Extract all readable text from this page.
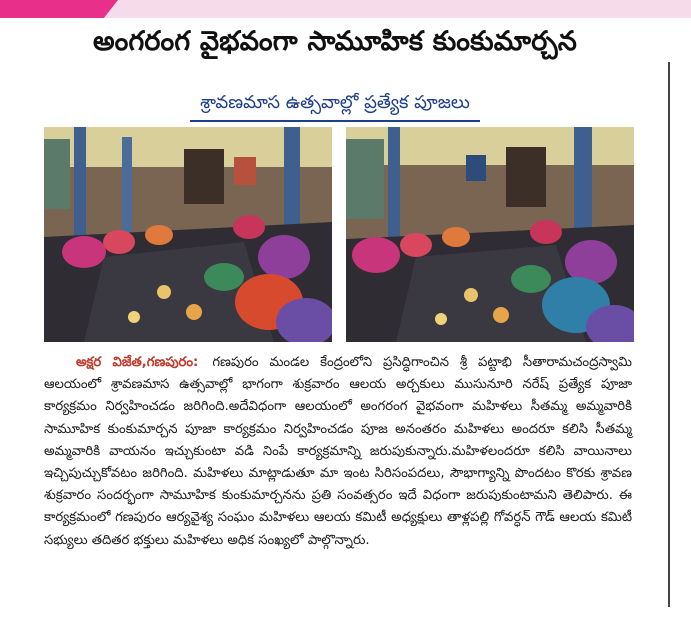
అంగరంగ వైభవంగా సామూహిక కుంకుమార్చన
శ్రావణమాస ఉత్సవాల్లో ప్రత్యేక పూజలు
అక్షర విజేత,గణపురం: గణపురం మండల కేంద్రంలోని ప్రసిద్ధిగాంచిన శ్రీ పట్టాభి సీతారామచంద్రస్వామి ఆలయంలో శ్రావణమాస ఉత్సవాల్లో భాగంగా శుక్రవారం ఆలయ అర్చకులు ముసునూరి నరేష్ ప్రత్యేక పూజా కార్యక్రమం నిర్వహించడం జరిగింది.అదేవిధంగా ఆలయంలో అంగరంగ వైభవంగా మహిళలు సీతమ్మ అమ్మవారికి సామూహిక కుంకుమార్చన పూజా కార్యక్రమం నిర్వహించడం పూజ అనంతరం మహిళలు అందరూ కలిసి సీతమ్మ అమ్మవారికి వాయనం ఇచ్చుకుంటా వడి నింపే కార్యక్రమాన్ని జరుపుకున్నారు.మహిళలందరూ కలిసి వాయినాలు ఇచ్చిపుచ్చుకోవటం జరిగింది. మహిళలు మాట్లాడుతూ మా ఇంట సిరిసంపదలు, సౌభాగ్యాన్ని పొందటం కొరకు శ్రావణ శుక్రవారం సందర్భంగా సామూహిక కుంకుమార్చనను ప్రతి సంవత్సరం ఇదే విధంగా జరుపుకుంటామని తెలిపారు. ఈ కార్యక్రమంలో గణపురం ఆర్యవైశ్య సంఘం మహిళలు ఆలయ కమిటీ అధ్యక్షులు తాళ్లపల్లి గోవర్ధన్ గౌడ్ ఆలయ కమిటీ సభ్యులు తదితర భక్తులు మహిళలు అధిక సంఖ్యలో పాల్గొన్నారు.
